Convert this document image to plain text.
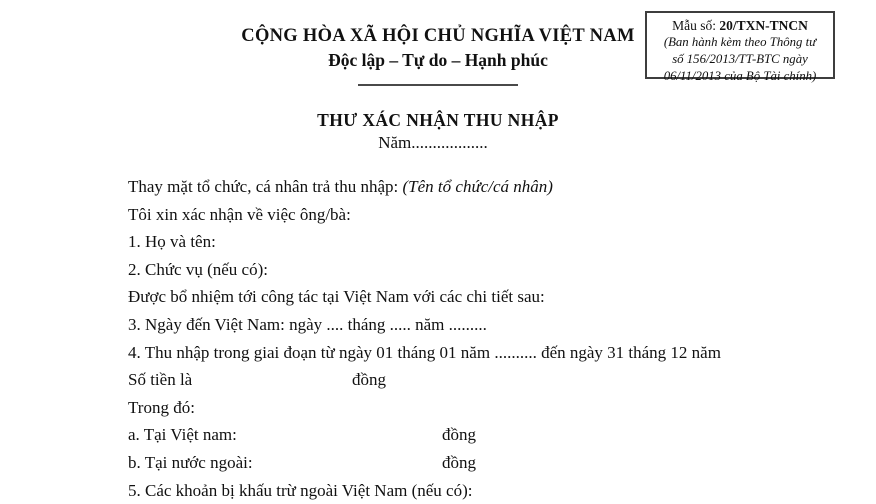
CỘNG HÒA XÃ HỘI CHỦ NGHĨA VIỆT NAM
Độc lập – Tự do – Hạnh phúc
Mẫu số: 20/TXN-TNCN
(Ban hành kèm theo Thông tư
số 156/2013/TT-BTC ngày
06/11/2013 của Bộ Tài chính)
THƯ XÁC NHẬN THU NHẬP
Năm..................
Thay mặt tổ chức, cá nhân trả thu nhập: (Tên tổ chức/cá nhân)
Tôi xin xác nhận về việc ông/bà:
1. Họ và tên:
2. Chức vụ (nếu có):
Được bổ nhiệm tới công tác tại Việt Nam với các chi tiết sau:
3. Ngày đến Việt Nam: ngày .... tháng ..... năm .........
4. Thu nhập trong giai đoạn từ ngày 01 tháng 01 năm .......... đến ngày 31 tháng 12 năm
Số tiền là	đồng
Trong đó:
a. Tại Việt nam:	đồng
b. Tại nước ngoài:	đồng
5. Các khoản bị khấu trừ ngoài Việt Nam (nếu có):
